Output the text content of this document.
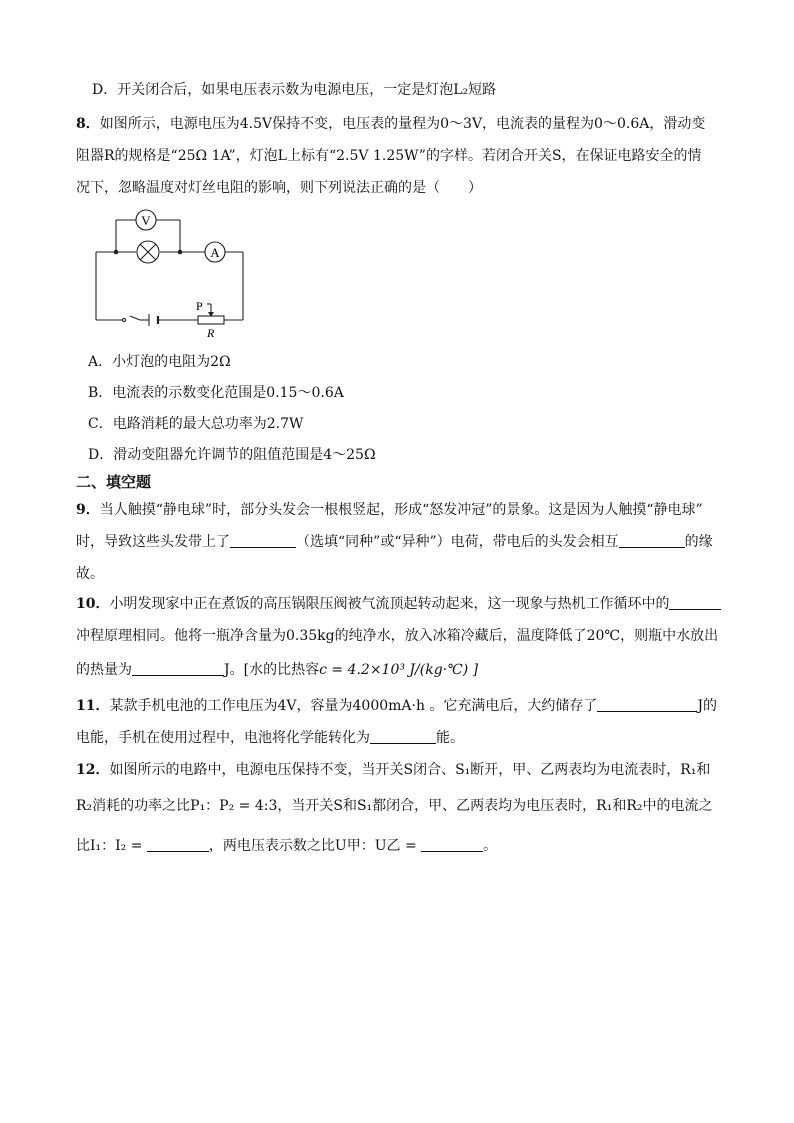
D．开关闭合后，如果电压表示数为电源电压，一定是灯泡L₂短路
8．如图所示，电源电压为4.5V保持不变，电压表的量程为0～3V，电流表的量程为0～0.6A，滑动变
阻器R的规格是“25Ω 1A”，灯泡L上标有“2.5V 1.25W”的字样。若闭合开关S，在保证电路安全的情
况下，忽略温度对灯丝电阻的影响，则下列说法正确的是（　　）
V
A
P
R
A．小灯泡的电阻为2Ω
B．电流表的示数变化范围是0.15～0.6A
C．电路消耗的最大总功率为2.7W
D．滑动变阻器允许调节的阻值范围是4～25Ω
二、填空题
9．当人触摸“静电球”时，部分头发会一根根竖起，形成“怒发冲冠”的景象。这是因为人触摸“静电球”
时，导致这些头发带上了	（选填“同种”或“异种”）电荷，带电后的头发会相互	的缘
故。
10．小明发现家中正在煮饭的高压锅限压阀被气流顶起转动起来，这一现象与热机工作循环中的
冲程原理相同。他将一瓶净含量为0.35kg的纯净水，放入冰箱冷藏后，温度降低了20℃，则瓶中水放出
的热量为	J。[水的比热容c = 4.2×10³ J/(kg·℃) ]
11．某款手机电池的工作电压为4V，容量为4000mA·h 。它充满电后，大约储存了	J的
电能，手机在使用过程中，电池将化学能转化为	能。
12．如图所示的电路中，电源电压保持不变，当开关S闭合、S₁断开，甲、乙两表均为电流表时，R₁和
R₂消耗的功率之比P₁：P₂ = 4:3，当开关S和S₁都闭合，甲、乙两表均为电压表时，R₁和R₂中的电流之
比I₁：I₂ =	，两电压表示数之比U甲：U乙 =	。
